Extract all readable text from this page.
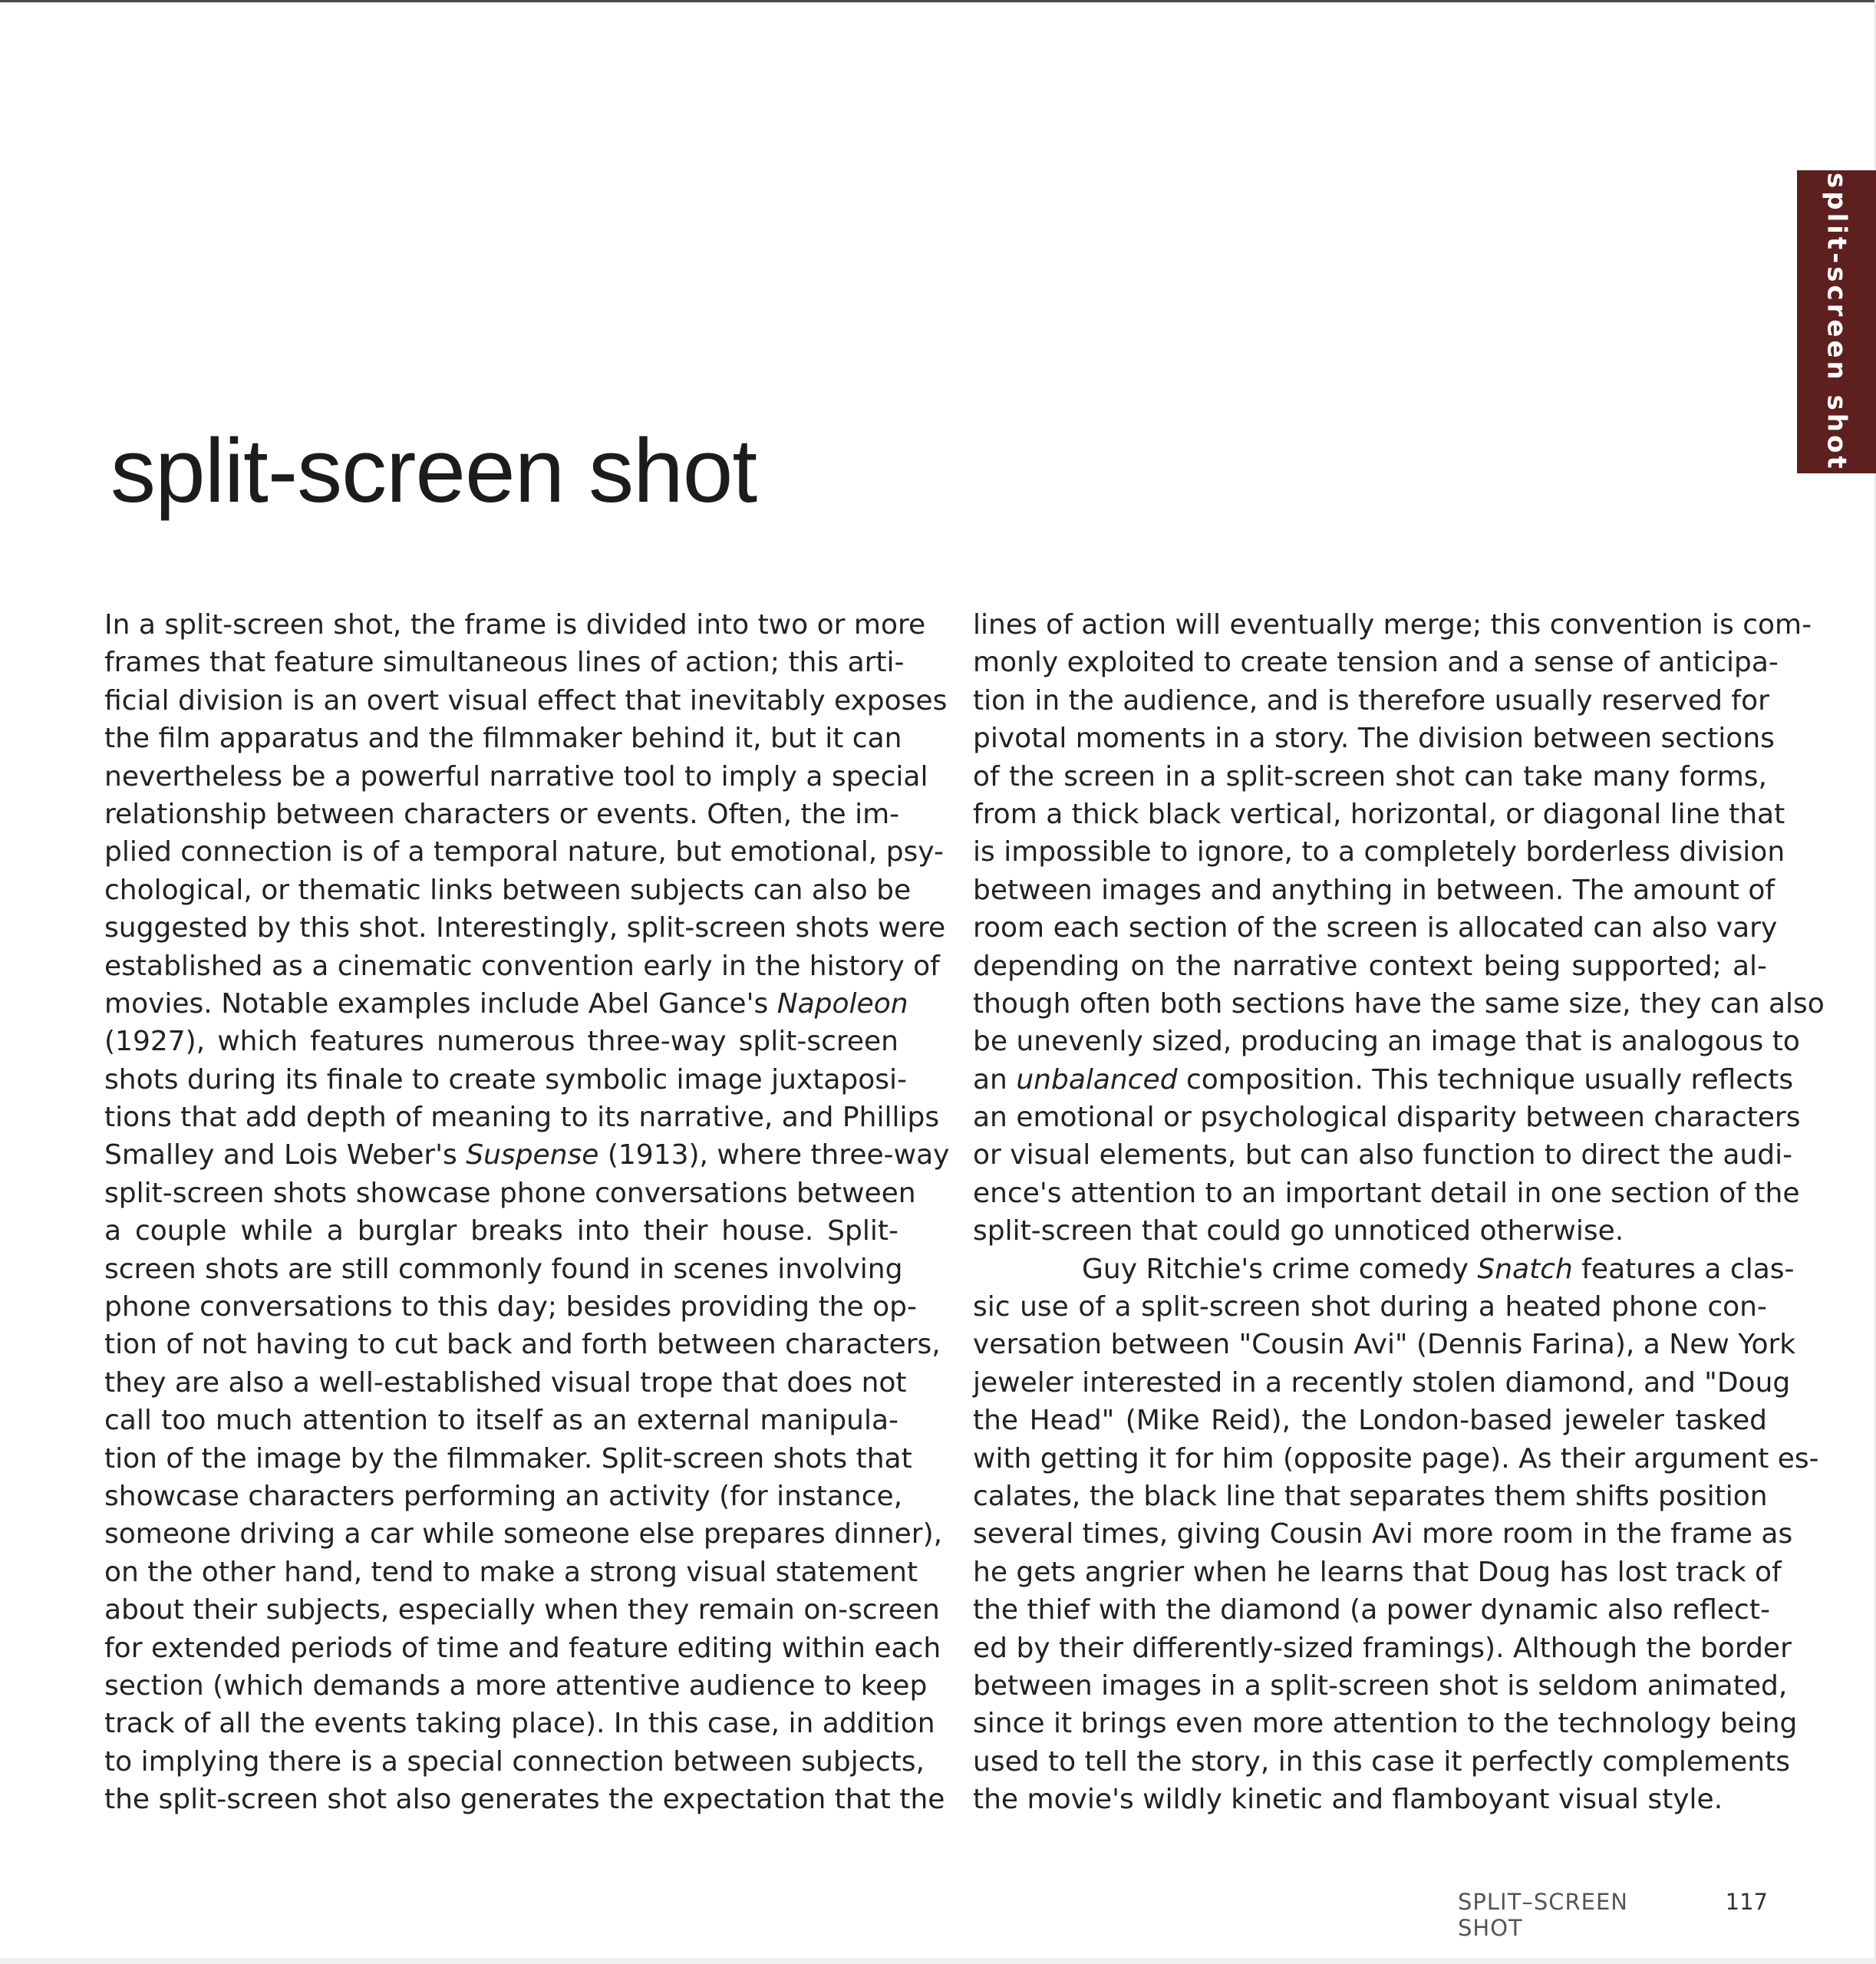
split-screen shot
split-screen shot
In a split-screen shot, the frame is divided into two or more
frames that feature simultaneous lines of action; this arti-
ficial division is an overt visual effect that inevitably exposes
the film apparatus and the filmmaker behind it, but it can
nevertheless be a powerful narrative tool to imply a special
relationship between characters or events. Often, the im-
plied connection is of a temporal nature, but emotional, psy-
chological, or thematic links between subjects can also be
suggested by this shot. Interestingly, split-screen shots were
established as a cinematic convention early in the history of
movies. Notable examples include Abel Gance's Napoleon
(1927), which features numerous three-way split-screen
shots during its finale to create symbolic image juxtaposi-
tions that add depth of meaning to its narrative, and Phillips
Smalley and Lois Weber's Suspense (1913), where three-way
split-screen shots showcase phone conversations between
a couple while a burglar breaks into their house. Split-
screen shots are still commonly found in scenes involving
phone conversations to this day; besides providing the op-
tion of not having to cut back and forth between characters,
they are also a well-established visual trope that does not
call too much attention to itself as an external manipula-
tion of the image by the filmmaker. Split-screen shots that
showcase characters performing an activity (for instance,
someone driving a car while someone else prepares dinner),
on the other hand, tend to make a strong visual statement
about their subjects, especially when they remain on-screen
for extended periods of time and feature editing within each
section (which demands a more attentive audience to keep
track of all the events taking place). In this case, in addition
to implying there is a special connection between subjects,
the split-screen shot also generates the expectation that the
lines of action will eventually merge; this convention is com-
monly exploited to create tension and a sense of anticipa-
tion in the audience, and is therefore usually reserved for
pivotal moments in a story. The division between sections
of the screen in a split-screen shot can take many forms,
from a thick black vertical, horizontal, or diagonal line that
is impossible to ignore, to a completely borderless division
between images and anything in between. The amount of
room each section of the screen is allocated can also vary
depending on the narrative context being supported; al-
though often both sections have the same size, they can also
be unevenly sized, producing an image that is analogous to
an unbalanced composition. This technique usually reflects
an emotional or psychological disparity between characters
or visual elements, but can also function to direct the audi-
ence's attention to an important detail in one section of the
split-screen that could go unnoticed otherwise.
Guy Ritchie's crime comedy Snatch features a clas-
sic use of a split-screen shot during a heated phone con-
versation between "Cousin Avi" (Dennis Farina), a New York
jeweler interested in a recently stolen diamond, and "Doug
the Head" (Mike Reid), the London-based jeweler tasked
with getting it for him (opposite page). As their argument es-
calates, the black line that separates them shifts position
several times, giving Cousin Avi more room in the frame as
he gets angrier when he learns that Doug has lost track of
the thief with the diamond (a power dynamic also reflect-
ed by their differently-sized framings). Although the border
between images in a split-screen shot is seldom animated,
since it brings even more attention to the technology being
used to tell the story, in this case it perfectly complements
the movie's wildly kinetic and flamboyant visual style.
SPLIT–SCREEN SHOT
117
